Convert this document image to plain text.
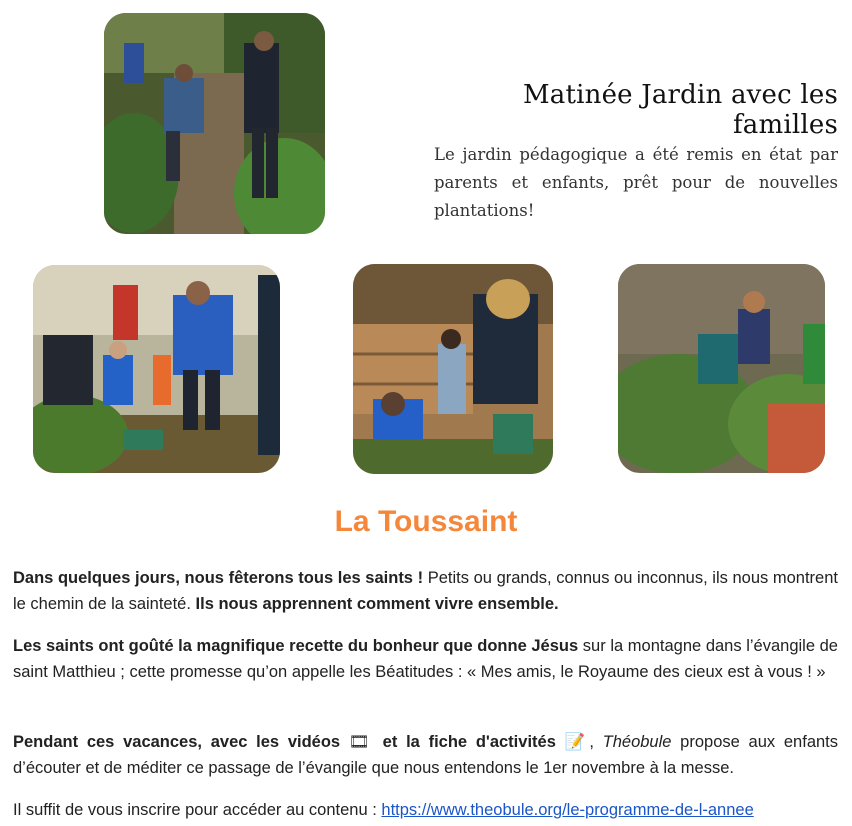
Matinée Jardin avec les familles

Le jardin pédagogique a été remis en état par parents et enfants, prêt pour de nouvelles plantations!

La Toussaint

Dans quelques jours, nous fêterons tous les saints ! Petits ou grands, connus ou inconnus, ils nous montrent le chemin de la sainteté. Ils nous apprennent comment vivre ensemble.

Les saints ont goûté la magnifique recette du bonheur que donne Jésus sur la montagne dans l’évangile de saint Matthieu ; cette promesse qu’on appelle les Béatitudes : « Mes amis, le Royaume des cieux est à vous ! »

Pendant ces vacances, avec les vidéos 🎞 et la fiche d'activités 📝, Théobule propose aux enfants d’écouter et de méditer ce passage de l’évangile que nous entendons le 1er novembre à la messe.

Il suffit de vous inscrire pour accéder au contenu : https://www.theobule.org/le-programme-de-l-annee
